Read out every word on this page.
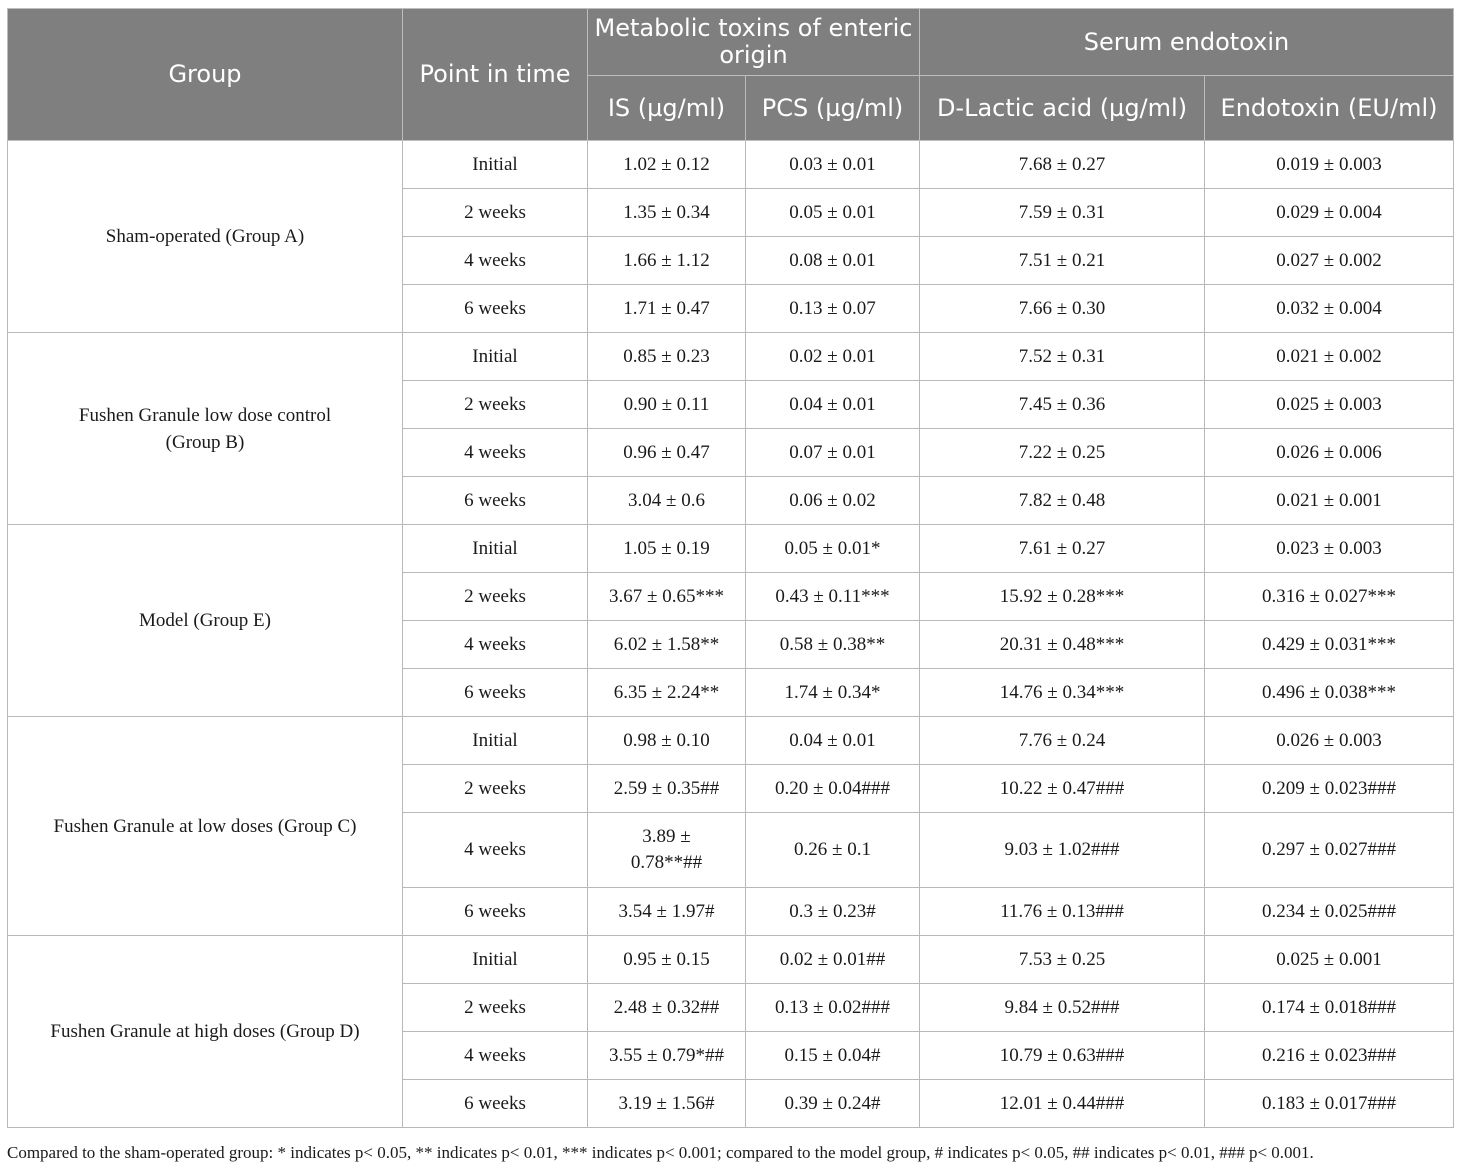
Group	Point in time	Metabolic toxins of enteric origin		Serum endotoxin	
		IS (µg/ml)	PCS (µg/ml)	D-Lactic acid (µg/ml)	Endotoxin (EU/ml)
Sham-operated (Group A)	Initial	1.02 ± 0.12	0.03 ± 0.01	7.68 ± 0.27	0.019 ± 0.003
	2 weeks	1.35 ± 0.34	0.05 ± 0.01	7.59 ± 0.31	0.029 ± 0.004
	4 weeks	1.66 ± 1.12	0.08 ± 0.01	7.51 ± 0.21	0.027 ± 0.002
	6 weeks	1.71 ± 0.47	0.13 ± 0.07	7.66 ± 0.30	0.032 ± 0.004
Fushen Granule low dose control (Group B)	Initial	0.85 ± 0.23	0.02 ± 0.01	7.52 ± 0.31	0.021 ± 0.002
	2 weeks	0.90 ± 0.11	0.04 ± 0.01	7.45 ± 0.36	0.025 ± 0.003
	4 weeks	0.96 ± 0.47	0.07 ± 0.01	7.22 ± 0.25	0.026 ± 0.006
	6 weeks	3.04 ± 0.6	0.06 ± 0.02	7.82 ± 0.48	0.021 ± 0.001
Model (Group E)	Initial	1.05 ± 0.19	0.05 ± 0.01*	7.61 ± 0.27	0.023 ± 0.003
	2 weeks	3.67 ± 0.65***	0.43 ± 0.11***	15.92 ± 0.28***	0.316 ± 0.027***
	4 weeks	6.02 ± 1.58**	0.58 ± 0.38**	20.31 ± 0.48***	0.429 ± 0.031***
	6 weeks	6.35 ± 2.24**	1.74 ± 0.34*	14.76 ± 0.34***	0.496 ± 0.038***
Fushen Granule at low doses (Group C)	Initial	0.98 ± 0.10	0.04 ± 0.01	7.76 ± 0.24	0.026 ± 0.003
	2 weeks	2.59 ± 0.35##	0.20 ± 0.04###	10.22 ± 0.47###	0.209 ± 0.023###
	4 weeks	3.89 ± 0.78**##	0.26 ± 0.1	9.03 ± 1.02###	0.297 ± 0.027###
	6 weeks	3.54 ± 1.97#	0.3 ± 0.23#	11.76 ± 0.13###	0.234 ± 0.025###
Fushen Granule at high doses (Group D)	Initial	0.95 ± 0.15	0.02 ± 0.01##	7.53 ± 0.25	0.025 ± 0.001
	2 weeks	2.48 ± 0.32##	0.13 ± 0.02###	9.84 ± 0.52###	0.174 ± 0.018###
	4 weeks	3.55 ± 0.79*##	0.15 ± 0.04#	10.79 ± 0.63###	0.216 ± 0.023###
	6 weeks	3.19 ± 1.56#	0.39 ± 0.24#	12.01 ± 0.44###	0.183 ± 0.017###
Compared to the sham-operated group: * indicates p< 0.05, ** indicates p< 0.01, *** indicates p< 0.001; compared to the model group, # indicates p< 0.05, ## indicates p< 0.01, ### p< 0.001.
